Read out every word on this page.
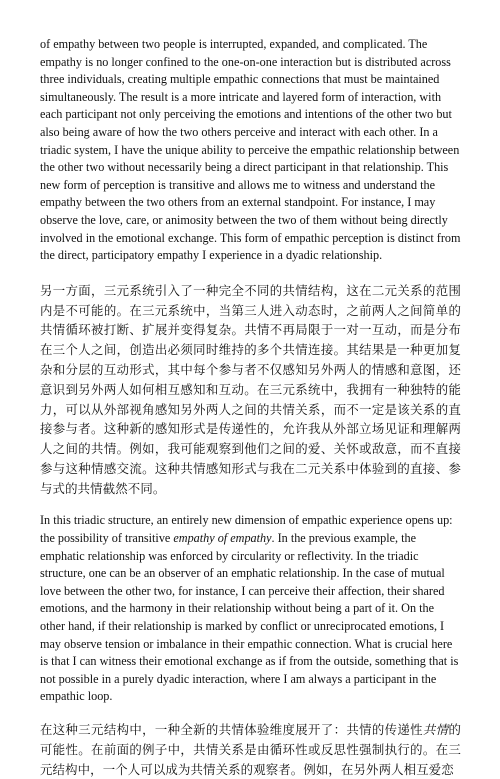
of empathy between two people is interrupted, expanded, and complicated. The empathy is no longer confined to the one-on-one interaction but is distributed across three individuals, creating multiple empathic connections that must be maintained simultaneously. The result is a more intricate and layered form of interaction, with each participant not only perceiving the emotions and intentions of the other two but also being aware of how the two others perceive and interact with each other. In a triadic system, I have the unique ability to perceive the empathic relationship between the other two without necessarily being a direct participant in that relationship. This new form of perception is transitive and allows me to witness and understand the empathy between the two others from an external standpoint. For instance, I may observe the love, care, or animosity between the two of them without being directly involved in the emotional exchange. This form of empathic perception is distinct from the direct, participatory empathy I experience in a dyadic relationship.

另一方面，三元系统引入了一种完全不同的共情结构，这在二元关系的范围内是不可能的。在三元系统中，当第三人进入动态时，之前两人之间简单的共情循环被打断、扩展并变得复杂。共情不再局限于一对一互动，而是分布在三个人之间，创造出必须同时维持的多个共情连接。其结果是一种更加复杂和分层的互动形式，其中每个参与者不仅感知另外两人的情感和意图，还意识到另外两人如何相互感知和互动。在三元系统中，我拥有一种独特的能力，可以从外部视角感知另外两人之间的共情关系，而不一定是该关系的直接参与者。这种新的感知形式是传递性的，允许我从外部立场见证和理解两人之间的共情。例如，我可能观察到他们之间的爱、关怀或敌意，而不直接参与这种情感交流。这种共情感知形式与我在二元关系中体验到的直接、参与式的共情截然不同。

In this triadic structure, an entirely new dimension of empathic experience opens up: the possibility of transitive empathy of empathy. In the previous example, the emphatic relationship was enforced by circularity or reflectivity. In the triadic structure, one can be an observer of an emphatic relationship. In the case of mutual love between the other two, for instance, I can perceive their affection, their shared emotions, and the harmony in their relationship without being a part of it. On the other hand, if their relationship is marked by conflict or unreciprocated emotions, I may observe tension or imbalance in their empathic connection. What is crucial here is that I can witness their emotional exchange as if from the outside, something that is not possible in a purely dyadic interaction, where I am always a participant in the empathic loop.

在这种三元结构中，一种全新的共情体验维度展开了：共情的传递性共情的可能性。在前面的例子中，共情关系是由循环性或反思性强制执行的。在三元结构中，一个人可以成为共情关系的观察者。例如，在另外两人相互爱恋
